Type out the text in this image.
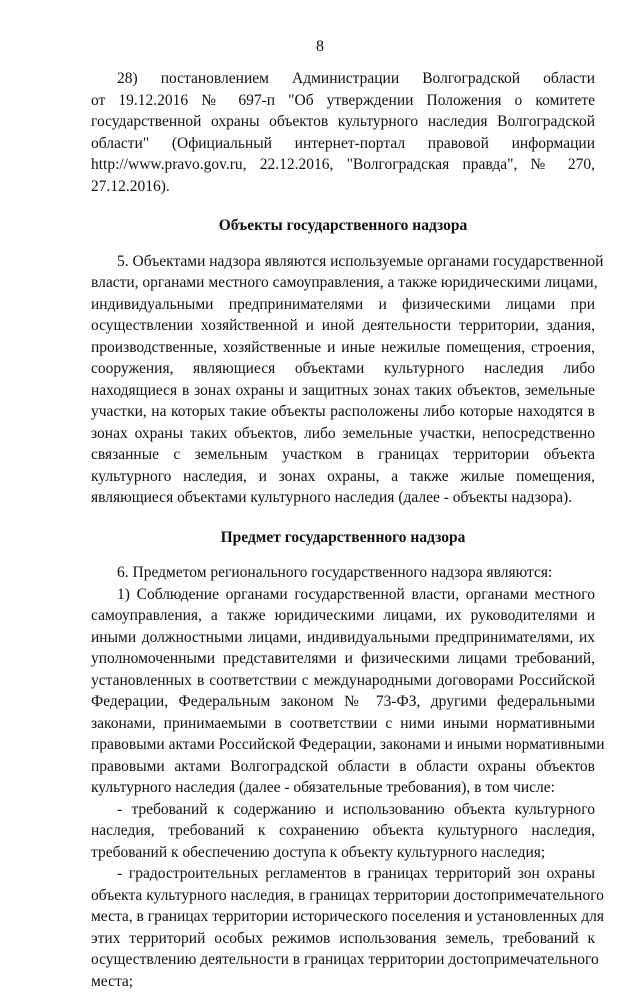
8
28) постановлением Администрации Волгоградской области
от 19.12.2016 № 697-п "Об утверждении Положения о комитете
государственной охраны объектов культурного наследия Волгоградской
области" (Официальный интернет-портал правовой информации
http://www.pravo.gov.ru, 22.12.2016, "Волгоградская правда", № 270,
27.12.2016).
Объекты государственного надзора
5. Объектами надзора являются используемые органами государственной
власти, органами местного самоуправления, а также юридическими лицами,
индивидуальными предпринимателями и физическими лицами при
осуществлении хозяйственной и иной деятельности территории, здания,
производственные, хозяйственные и иные нежилые помещения, строения,
сооружения, являющиеся объектами культурного наследия либо
находящиеся в зонах охраны и защитных зонах таких объектов, земельные
участки, на которых такие объекты расположены либо которые находятся в
зонах охраны таких объектов, либо земельные участки, непосредственно
связанные с земельным участком в границах территории объекта
культурного наследия, и зонах охраны, а также жилые помещения,
являющиеся объектами культурного наследия (далее - объекты надзора).
Предмет государственного надзора
6. Предметом регионального государственного надзора являются:
1) Соблюдение органами государственной власти, органами местного
самоуправления, а также юридическими лицами, их руководителями и
иными должностными лицами, индивидуальными предпринимателями, их
уполномоченными представителями и физическими лицами требований,
установленных в соответствии с международными договорами Российской
Федерации, Федеральным законом № 73-ФЗ, другими федеральными
законами, принимаемыми в соответствии с ними иными нормативными
правовыми актами Российской Федерации, законами и иными нормативными
правовыми актами Волгоградской области в области охраны объектов
культурного наследия (далее - обязательные требования), в том числе:
- требований к содержанию и использованию объекта культурного
наследия, требований к сохранению объекта культурного наследия,
требований к обеспечению доступа к объекту культурного наследия;
- градостроительных регламентов в границах территорий зон охраны
объекта культурного наследия, в границах территории достопримечательного
места, в границах территории исторического поселения и установленных для
этих территорий особых режимов использования земель, требований к
осуществлению деятельности в границах территории достопримечательного
места;
